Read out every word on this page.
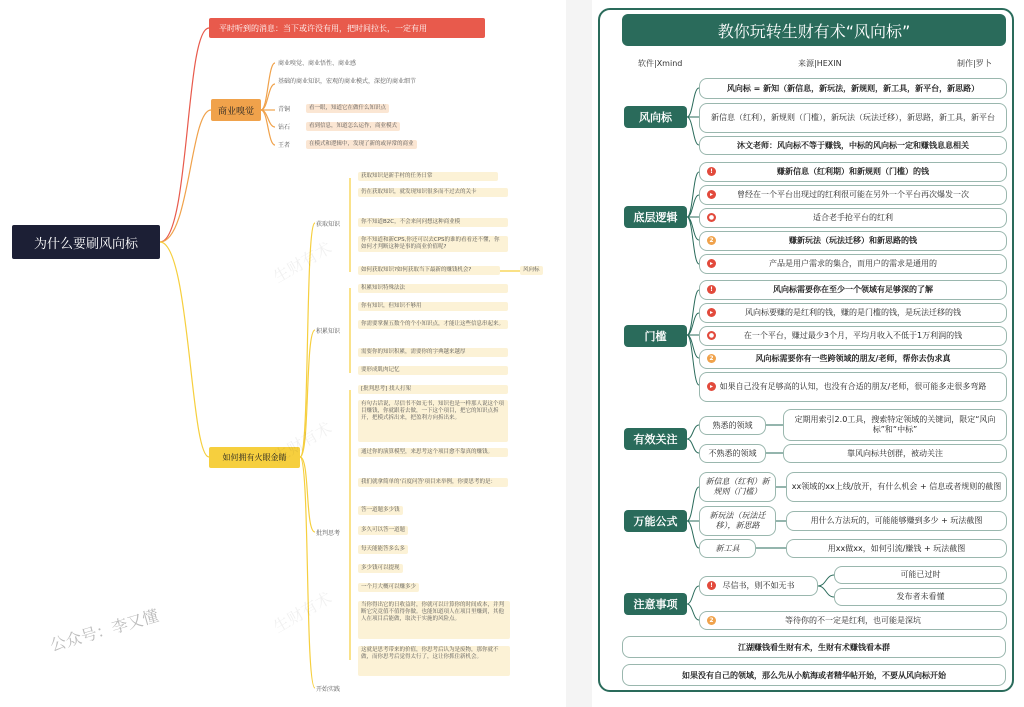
为什么要刷风向标
平时听到的消息：当下或许没有用，把时间拉长，一定有用
商业嗅觉
商业嗅觉、商业悟性、商业感
基础的商业知识，宏观的商业模式，深挖的商业细节
青铜
钻石
王者
看一眼，知道它在做什么知识点
看到信息，知道怎么运作，商业模式
在模式和逻辑中，发现了新的或异常的商业
如何拥有火眼金睛
获取知识
积累知识
批判思考
开始实践
获取知识是新手村的任务日常
仍在获取知识，就发现知识很多而不过去的关卡
你不知道B2C，不会来问问想这种商业模
你不知道和新CPS,你还可以去CPS的谁的看看还不懂，你如何才判断这种是事的商业价值呢?
如何获取知识?如何获取当下最新的赚钱机会?	风向标
积累知识特殊法法
你有知识，但知识不够用
你需要掌握五数个的个小知识点，才能让这些信息串起来。
需要你的知识积累，需要你的字典越来越厚
要形成肌肉记忆
[批判思考] 找人打架
有句古话说，尽信书不如无书，知识也是一样那人说这个项目赚钱，你就跟着去做，一下这个项目，把它的知识点拆开，把模式拆出来，把盈利方向拆出来。
通过你的演算模型，来思考这个项目愈不靠真的赚钱。
我们就拿简单的'百度问答'项目来举例，你要思考的是：
答一道题多少钱
多久可以答一道题
每天能能答多么多
多少钱可以提现
一个月大概可以赚多少
当你得出它的日收益时，你就可以计算你的时间成本，并判断它究竟值不值得你做。也能知道项人在项目里赚到，其他人在项目后能做，取决于实施的风险点。
这就是思考带来的价值，你思考后认为是废物，那你就不做，而你思考后觉得太行了，这让你抓住新机会。
生财有术
生财有术
生财有术
公众号：李又懂
教你玩转生财有术“风向标”
软件|Xmind	来源|HEXIN	制作|罗卜
风向标
风向标 = 新知（新信息，新玩法，新规则，新工具，新平台，新思路）
新信息（红利），新规则（门槛），新玩法（玩法迁移），新思路，新工具，新平台
沐文老师：风向标不等于赚钱，中标的风向标一定和赚钱息息相关
底层逻辑
赚新信息（红利期）和新规则（门槛）的钱
曾经在一个平台出现过的红利很可能在另外一个平台再次爆发一次
适合老手抢平台的红利
赚新玩法（玩法迁移）和新思路的钱
产品是用户需求的集合，而用户的需求是通用的
!
▸
●
2
▸
门槛
风向标需要你在至少一个领域有足够深的了解
风向标要赚的是红利的钱，赚的是门槛的钱，是玩法迁移的钱
在一个平台，赚过最少3个月，平均月收入不低于1万利润的钱
风向标需要你有一些跨领域的朋友/老师，帮你去伪求真
如果自己没有足够高的认知，也没有合适的朋友/老师，很可能多走很多弯路
!
▸
●
2
▸
有效关注
熟悉的领域
定期用索引2.0工具，搜索特定领域的关键词，限定“风向标”和“中标”
不熟悉的领域	靠风向标共创群，被动关注
万能公式
新信息（红利）新规则（门槛）
xx领域的xx上线/放开，有什么机会 + 信息或者规则的截图
新玩法（玩法迁移），新思路
用什么方法玩的，可能能够赚到多少 + 玩法截图
新工具	用xx做xx，如何引流/赚钱 + 玩法截图
注意事项
尽信书，则不如无书
!
可能已过时
发布者未看懂
等待你的不一定是红利，也可能是深坑
2
江湖赚钱看生财有术，生财有术赚钱看本群
如果没有自己的领域，那么先从小航海或者精华帖开始，不要从风向标开始
